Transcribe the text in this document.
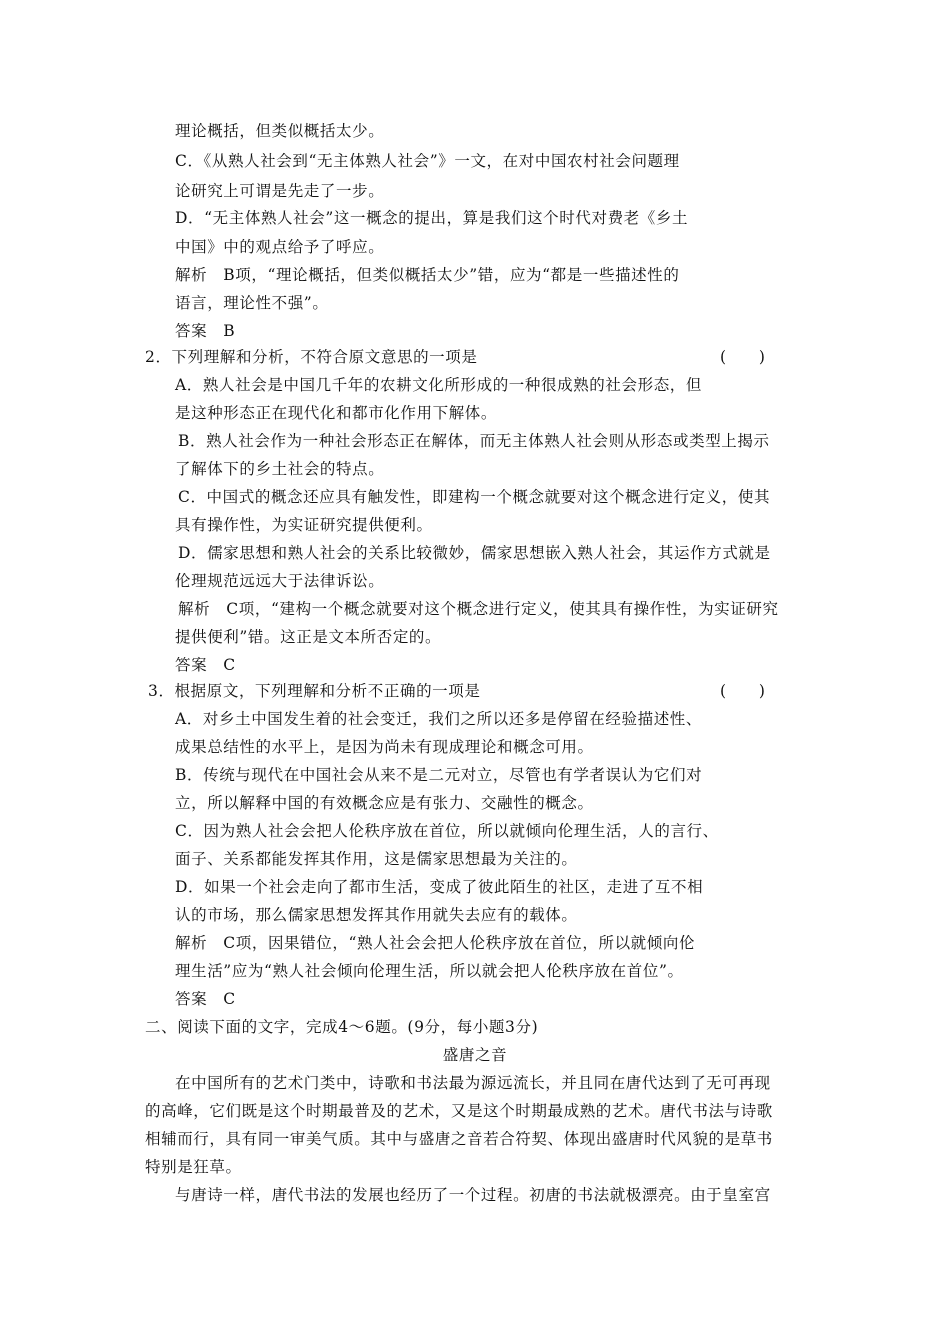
理论概括，但类似概括太少。
C．《从熟人社会到“无主体熟人社会”》一文，在对中国农村社会问题理
论研究上可谓是先走了一步。
D．“无主体熟人社会”这一概念的提出，算是我们这个时代对费老《乡土
中国》中的观点给予了呼应。
解析　B项，“理论概括，但类似概括太少”错，应为“都是一些描述性的
语言，理论性不强”。
答案　B
2．下列理解和分析，不符合原文意思的一项是	(　　)
A．熟人社会是中国几千年的农耕文化所形成的一种很成熟的社会形态，但
是这种形态正在现代化和都市化作用下解体。
B．熟人社会作为一种社会形态正在解体，而无主体熟人社会则从形态或类型上揭示
了解体下的乡土社会的特点。
C．中国式的概念还应具有触发性，即建构一个概念就要对这个概念进行定义，使其
具有操作性，为实证研究提供便利。
D．儒家思想和熟人社会的关系比较微妙，儒家思想嵌入熟人社会，其运作方式就是
伦理规范远远大于法律诉讼。
解析　C项，“建构一个概念就要对这个概念进行定义，使其具有操作性，为实证研究
提供便利”错。这正是文本所否定的。
答案　C
3．根据原文，下列理解和分析不正确的一项是	(　　)
A．对乡土中国发生着的社会变迁，我们之所以还多是停留在经验描述性、
成果总结性的水平上，是因为尚未有现成理论和概念可用。
B．传统与现代在中国社会从来不是二元对立，尽管也有学者误认为它们对
立，所以解释中国的有效概念应是有张力、交融性的概念。
C．因为熟人社会会把人伦秩序放在首位，所以就倾向伦理生活，人的言行、
面子、关系都能发挥其作用，这是儒家思想最为关注的。
D．如果一个社会走向了都市生活，变成了彼此陌生的社区，走进了互不相
认的市场，那么儒家思想发挥其作用就失去应有的载体。
解析　C项，因果错位，“熟人社会会把人伦秩序放在首位，所以就倾向伦
理生活”应为“熟人社会倾向伦理生活，所以就会把人伦秩序放在首位”。
答案　C
二、阅读下面的文字，完成4～6题。(9分，每小题3分)
盛唐之音
在中国所有的艺术门类中，诗歌和书法最为源远流长，并且同在唐代达到了无可再现
的高峰，它们既是这个时期最普及的艺术，又是这个时期最成熟的艺术。唐代书法与诗歌
相辅而行，具有同一审美气质。其中与盛唐之音若合符契、体现出盛唐时代风貌的是草书
特别是狂草。
与唐诗一样，唐代书法的发展也经历了一个过程。初唐的书法就极漂亮。由于皇室宫
